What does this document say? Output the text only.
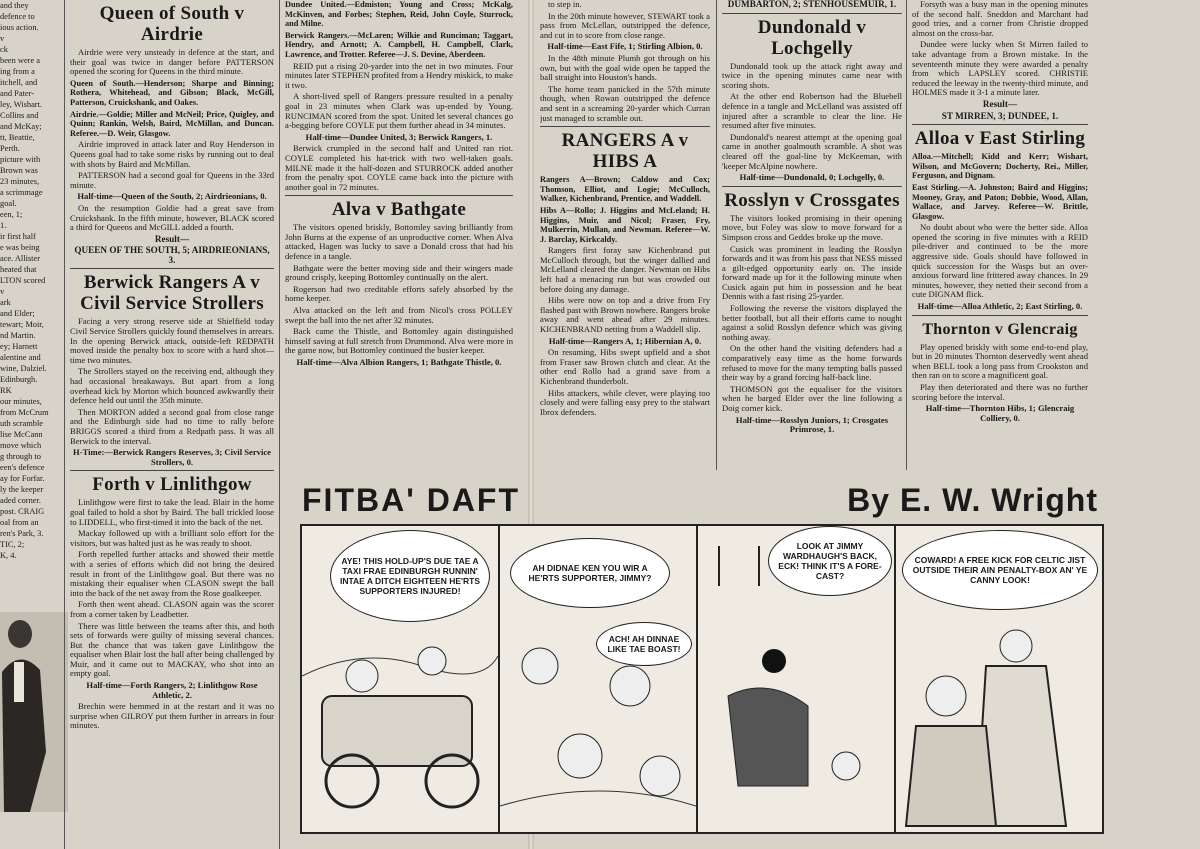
and they
defence to
ious action.
v
ck
been were a
ing from a
itchell, and
and Pater-
ley, Wishart.
Collins and
and McKay;
tt, Beattie,
Perth.
picture with
Brown was
23 minutes,
a scrimmage
goal.
een, 1;
1.
ir first half
e was being
ace. Allister
heated that
LTON scored
v
ark
and Elder;
tewart; Moir,
nd Martin.
ey; Harnett
alentine and
wine, Dalziel.
Edinburgh.
RK
our minutes,
from McCrum
uth scramble
lise McCann
move which
g through to
een's defence
ay for Forfar.
ly the keeper
aded corner.
post. CRAIG
oal from an
ren's Park, 3.
TIC, 2;
K, 4.
Queen of South v Airdrie

Airdrie were very unsteady in defence at the start, and their goal was twice in danger before PATTERSON opened the scoring for Queens in the third minute.

Queen of South.—Henderson; Sharpe and Binning; Rothera, Whitehead, and Gibson; Black, McGill, Patterson, Cruickshank, and Oakes.

Airdrie.—Goldie; Miller and McNeil; Price, Quigley, and Quinn; Rankin, Welsh, Baird, McMillan, and Duncan. Referee.—D. Weir, Glasgow.

Airdrie improved in attack later and Roy Henderson in Queens goal had to take some risks by running out to deal with shots by Baird and McMillan.

PATTERSON had a second goal for Queens in the 33rd minute.

Half-time—Queen of the South, 2; Airdrieonians, 0.

On the resumption Goldie had a great save from Cruickshank. In the fifth minute, however, BLACK scored a third for Queens and McGILL added a fourth.

Result—

QUEEN OF THE SOUTH, 5; AIRDRIEONIANS, 3.

Berwick Rangers A v Civil Service Strollers

Facing a very strong reserve side at Shielfield today Civil Service Strollers quickly found themselves in arrears. In the opening Berwick attack, outside-left REDPATH moved inside the penalty box to score with a hard shot—time two minutes.

The Strollers stayed on the receiving end, although they had occasional breakaways. But apart from a long overhead kick by Morton which bounced awkwardly their defence held out until the 35th minute.

Then MORTON added a second goal from close range and the Edinburgh side had no time to rally before BRIGGS scored a third from a Redpath pass. It was all Berwick to the interval.

H-Time:—Berwick Rangers Reserves, 3; Civil Service Strollers, 0.

Forth v Linlithgow

Linlithgow were first to take the lead. Blair in the home goal failed to hold a shot by Baird. The ball trickled loose to LIDDELL, who first-timed it into the back of the net.

Mackay followed up with a brilliant solo effort for the visitors, but was halted just as he was ready to shoot.

Forth repelled further attacks and showed their mettle with a series of efforts which did not bring the desired result in front of the Linlithgow goal. But there was no mistaking their equaliser when CLASON swept the ball into the back of the net away from the Rose goalkeeper.

Forth then went ahead. CLASON again was the scorer from a corner taken by Leadbetter.

There was little between the teams after this, and both sets of forwards were guilty of missing several chances. But the chance that was taken gave Linlithgow the equaliser when Blair lost the ball after being challenged by Muir, and it came out to MACKAY, who shot into an empty goal.

Half-time—Forth Rangers, 2; Linlithgow Rose Athletic, 2.

Brechin were hemmed in at the restart and it was no surprise when GILROY put them further in arrears in four minutes.

Dundee United.—Edmiston; Young and Cross; McKalg, McKinven, and Forbes; Stephen, Reid, John Coyle, Sturrock, and Milne.

Berwick Rangers.—McLaren; Wilkie and Runciman; Taggart, Hendry, and Arnott; A. Campbell, H. Campbell, Clark, Lawrence, and Trotter. Referee—J. S. Devine, Aberdeen.

REID put a rising 20-yarder into the net in two minutes. Four minutes later STEPHEN profited from a Hendry miskick, to make it two.

A short-lived spell of Rangers pressure resulted in a penalty goal in 23 minutes when Clark was up-ended by Young. RUNCIMAN scored from the spot. United let several chances go a-begging before COYLE put them further ahead in 34 minutes.

Half-time—Dundee United, 3; Berwick Rangers, 1.

Berwick crumpled in the second half and United ran riot. COYLE completed his hat-trick with two well-taken goals. MILNE made it the half-dozen and STURROCK added another from the penalty spot. COYLE came back into the picture with another goal in 72 minutes.

Alva v Bathgate

The visitors opened briskly, Bottomley saving brilliantly from John Burns at the expense of an unproductive corner. When Alva attacked, Hagen was lucky to save a Donald cross that had his defence in a tangle.

Bathgate were the better moving side and their wingers made ground crisply, keeping Bottomley continually on the alert.

Rogerson had two creditable efforts safely absorbed by the home keeper.

Alva attacked on the left and from Nicol's cross POLLEY swept the ball into the net after 32 minutes.

Back came the Thistle, and Bottomley again distinguished himself saving at full stretch from Drummond. Alva were more in the game now, but Bottomley continued the busier keeper.

Half-time—Alva Albion Rangers, 1; Bathgate Thistle, 0.

to step in.

In the 20th minute however, STEWART took a pass from McLellan, outstripped the defence, and cut in to score from close range.

Half-time—East Fife, 1; Stirling Albion, 0.

In the 48th minute Plumb got through on his own, but with the goal wide open he tapped the ball straight into Houston's hands.

The home team panicked in the 57th minute though, when Rowan outstripped the defence and sent in a screaming 20-yarder which Curran just managed to scramble out.

RANGERS A v HIBS A

Rangers A—Brown; Caldow and Cox; Thomson, Elliot, and Logie; McCulloch, Walker, Kichenbrand, Prentice, and Waddell.

Hibs A—Rollo; J. Higgins and McLeland; H. Higgins, Muir, and Nicol; Fraser, Fry, Mulkerrin, Mullan, and Newman. Referee—W. J. Barclay, Kirkcaldy.

Rangers first foray saw Kichenbrand put McCulloch through, but the winger dallied and McLelland cleared the danger. Newman on Hibs left had a menacing run but was crowded out before doing any damage.

Hibs were now on top and a drive from Fry flashed past with Brown nowhere. Rangers broke away and went ahead after 29 minutes. KICHENBRAND netting from a Waddell slip.

Half-time—Rangers A, 1; Hibernian A, 0.

On resuming, Hibs swept upfield and a shot from Fraser saw Brown clutch and clear. At the other end Rollo had a grand save from a Kichenbrand thunderbolt.

Hibs attackers, while clever, were playing too closely and were falling easy prey to the stalwart Ibrox defenders.

DUMBARTON, 2; STENHOUSEMUIR, 1.

Dundonald v Lochgelly

Dundonald took up the attack right away and twice in the opening minutes came near with scoring shots.

At the other end Robertson had the Bluebell defence in a tangle and McLelland was assisted off injured after a scramble to clear the line. He resumed after five minutes.

Dundonald's nearest attempt at the opening goal came in another goalmouth scramble. A shot was cleared off the goal-line by McKeeman, with 'keeper McAlpine nowhere.

Half-time—Dundonald, 0; Lochgelly, 0.

Rosslyn v Crossgates

The visitors looked promising in their opening move, but Foley was slow to move forward for a Simpson cross and Geddes broke up the move.

Cusick was prominent in leading the Rosslyn forwards and it was from his pass that NESS missed a gilt-edged opportunity early on. The inside forward made up for it the following minute when Cusick again put him in possession and he beat Dennis with a fast rising 25-yarder.

Following the reverse the visitors displayed the better football, but all their efforts came to nought against a solid Rosslyn defence which was giving nothing away.

On the other hand the visiting defenders had a comparatively easy time as the home forwards refused to move for the many tempting balls passed their way by a grand forcing half-back line.

THOMSON got the equaliser for the visitors when he barged Elder over the line following a Doig corner kick.

Half-time—Rosslyn Juniors, 1; Crosgates Primrose, 1.

Forsyth was a busy man in the opening minutes of the second half. Sneddon and Marchant had good tries, and a corner from Christie dropped almost on the cross-bar.

Dundee were lucky when St Mirren failed to take advantage from a Brown mistake. In the seventeenth minute they were awarded a penalty from which LAPSLEY scored. CHRISTIE reduced the leeway in the twenty-third minute, and HOLMES made it 3-1 a minute later.

Result—

ST MIRREN, 3; DUNDEE, 1.

Alloa v East Stirling

Alloa.—Mitchell; Kidd and Kerr; Wishart, Wilson, and McGovern; Docherty, Rei., Miller, Ferguson, and Dignam.

East Stirling.—A. Johnston; Baird and Higgins; Mooney, Gray, and Paton; Dobbie, Wood, Allan, Wallace, and Jarvey. Referee—W. Brittle, Glasgow.

No doubt about who were the better side. Alloa opened the scoring in five minutes with a REID pile-driver and continued to be the more aggressive side. Goals should have followed in quick succession for the Wasps but an over-anxious forward line frittered away chances. In 29 minutes, however, they netted their second from a cute DIGNAM flick.

Half-time—Alloa Athletic, 2; East Stirling, 0.

Thornton v Glencraig

Play opened briskly with some end-to-end play, but in 20 minutes Thornton deservedly went ahead when BELL took a long pass from Crookston and then ran on to score a magnificent goal.

Play then deteriorated and there was no further scoring before the interval.

Half-time—Thornton Hibs, 1; Glencraig Colliery, 0.

FITBA' DAFT	By E. W. Wright
AYE! THIS HOLD-UP'S DUE TAE A TAXI FRAE EDINBURGH RUNNIN' INTAE A DITCH EIGHTEEN HE'RTS SUPPORTERS INJURED!
AH DIDNAE KEN YOU WIR A HE'RTS SUPPORTER, JIMMY?
ACH! AH DINNAE LIKE TAE BOAST!
LOOK AT JIMMY WARDHAUGH'S BACK, ECK! THINK IT'S A FORE-CAST?
COWARD! A FREE KICK FOR CELTIC JIST OUTSIDE THEIR AIN PENALTY-BOX AN' YE CANNY LOOK!
